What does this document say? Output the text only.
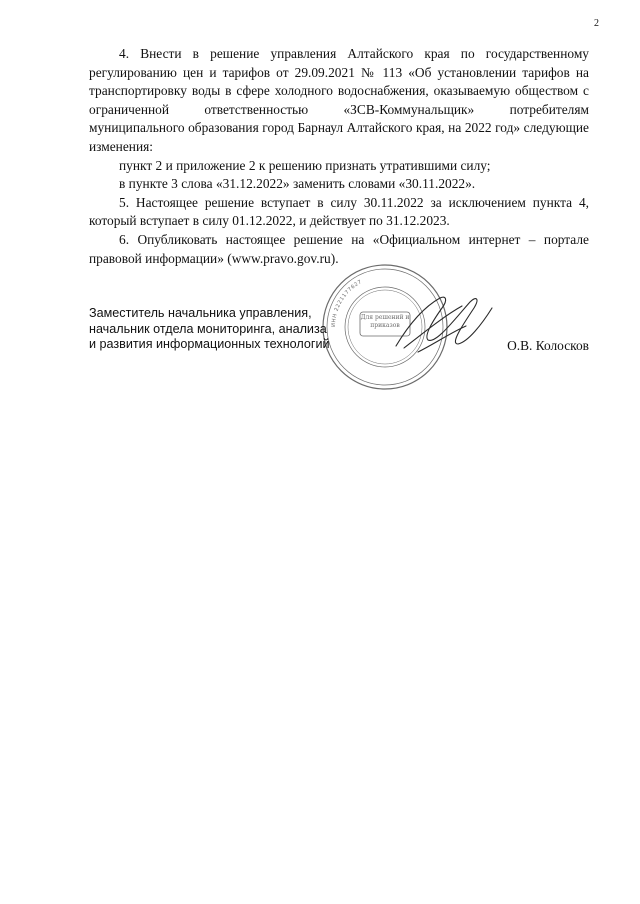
2

4. Внести в решение управления Алтайского края по государственному регулированию цен и тарифов от 29.09.2021 № 113 «Об установлении тарифов на транспортировку воды в сфере холодного водоснабжения, оказываемую обществом с ограниченной ответственностью «ЗСВ-Коммунальщик» потребителям муниципального образования город Барнаул Алтайского края, на 2022 год» следующие изменения:

пункт 2 и приложение 2 к решению признать утратившими силу;

в пункте 3 слова «31.12.2022» заменить словами «30.11.2022».

5. Настоящее решение вступает в силу 30.11.2022 за исключением пункта 4, который вступает в силу 01.12.2022, и действует по 31.12.2023.

6. Опубликовать настоящее решение на «Официальном интернет – портале правовой информации» (www.pravo.gov.ru).

ИНН 2221177627
Для решений и приказов
Заместитель начальника управления,
начальник отдела мониторинга, анализа
и развития информационных технологий	О.В. Колосков
